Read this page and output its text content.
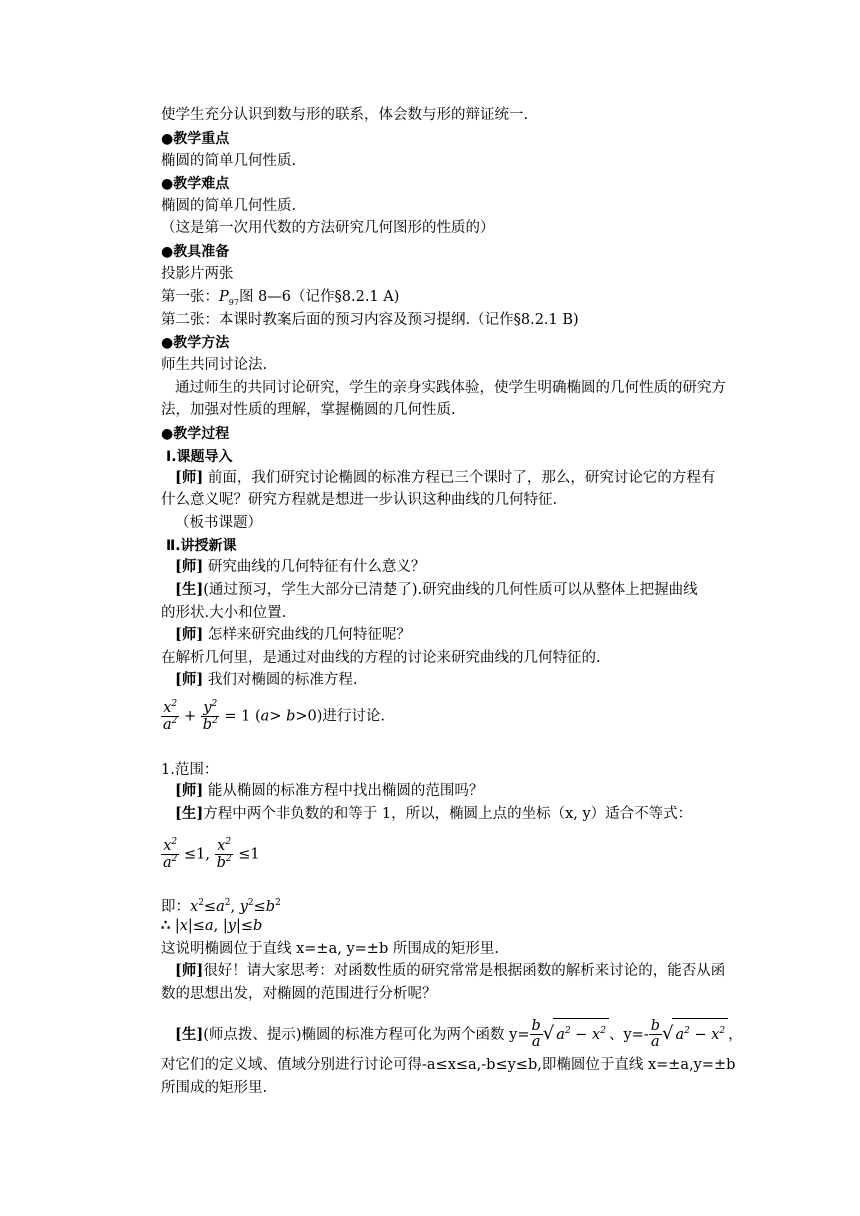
使学生充分认识到数与形的联系，体会数与形的辩证统一.
●教学重点
椭圆的简单几何性质.
●教学难点
椭圆的简单几何性质.
（这是第一次用代数的方法研究几何图形的性质的）
●教具准备
投影片两张
第一张：$P_{97}$图 8—6（记作§8.2.1 A)
第二张：本课时教案后面的预习内容及预习提纲.（记作§8.2.1 B)
●教学方法
师生共同讨论法.
通过师生的共同讨论研究，学生的亲身实践体验，使学生明确椭圆的几何性质的研究方
法，加强对性质的理解，掌握椭圆的几何性质.
●教学过程
Ⅰ.课题导入
[师] 前面，我们研究讨论椭圆的标准方程已三个课时了，那么，研究讨论它的方程有
什么意义呢？研究方程就是想进一步认识这种曲线的几何特征.
（板书课题）
Ⅱ.讲授新课
[师] 研究曲线的几何特征有什么意义？
[生](通过预习，学生大部分已清楚了).研究曲线的几何性质可以从整体上把握曲线
的形状.大小和位置.
[师] 怎样来研究曲线的几何特征呢？
在解析几何里，是通过对曲线的方程的讨论来研究曲线的几何特征的.
[师] 我们对椭圆的标准方程.
$\frac{x^2}{a^2} + \frac{y^2}{b^2} = 1$ (a> b>0)进行讨论.
1.范围：
[师] 能从椭圆的标准方程中找出椭圆的范围吗？
[生]方程中两个非负数的和等于 1，所以，椭圆上点的坐标（x, y）适合不等式：
$\frac{x^2}{a^2} \le 1$, $\frac{x^2}{b^2} \le 1$
即：$x^2\le a^2$, $y^2\le b^2$
∴ |x|≤a, |y|≤b
这说明椭圆位于直线 x=±a, y=±b 所围成的矩形里.
[师]很好！请大家思考：对函数性质的研究常常是根据函数的解析来讨论的，能否从函
数的思想出发，对椭圆的范围进行分析呢？
[生](师点拨、提示)椭圆的标准方程可化为两个函数 $y= \frac{b}{a}$ √ $a^2 - x^2$ 、$y=- \frac{b}{a}$ √ $a^2 - x^2$ ，
对它们的定义域、值域分别进行讨论可得-a≤x≤a,-b≤y≤b,即椭圆位于直线 x=±a,y=±b
所围成的矩形里.
